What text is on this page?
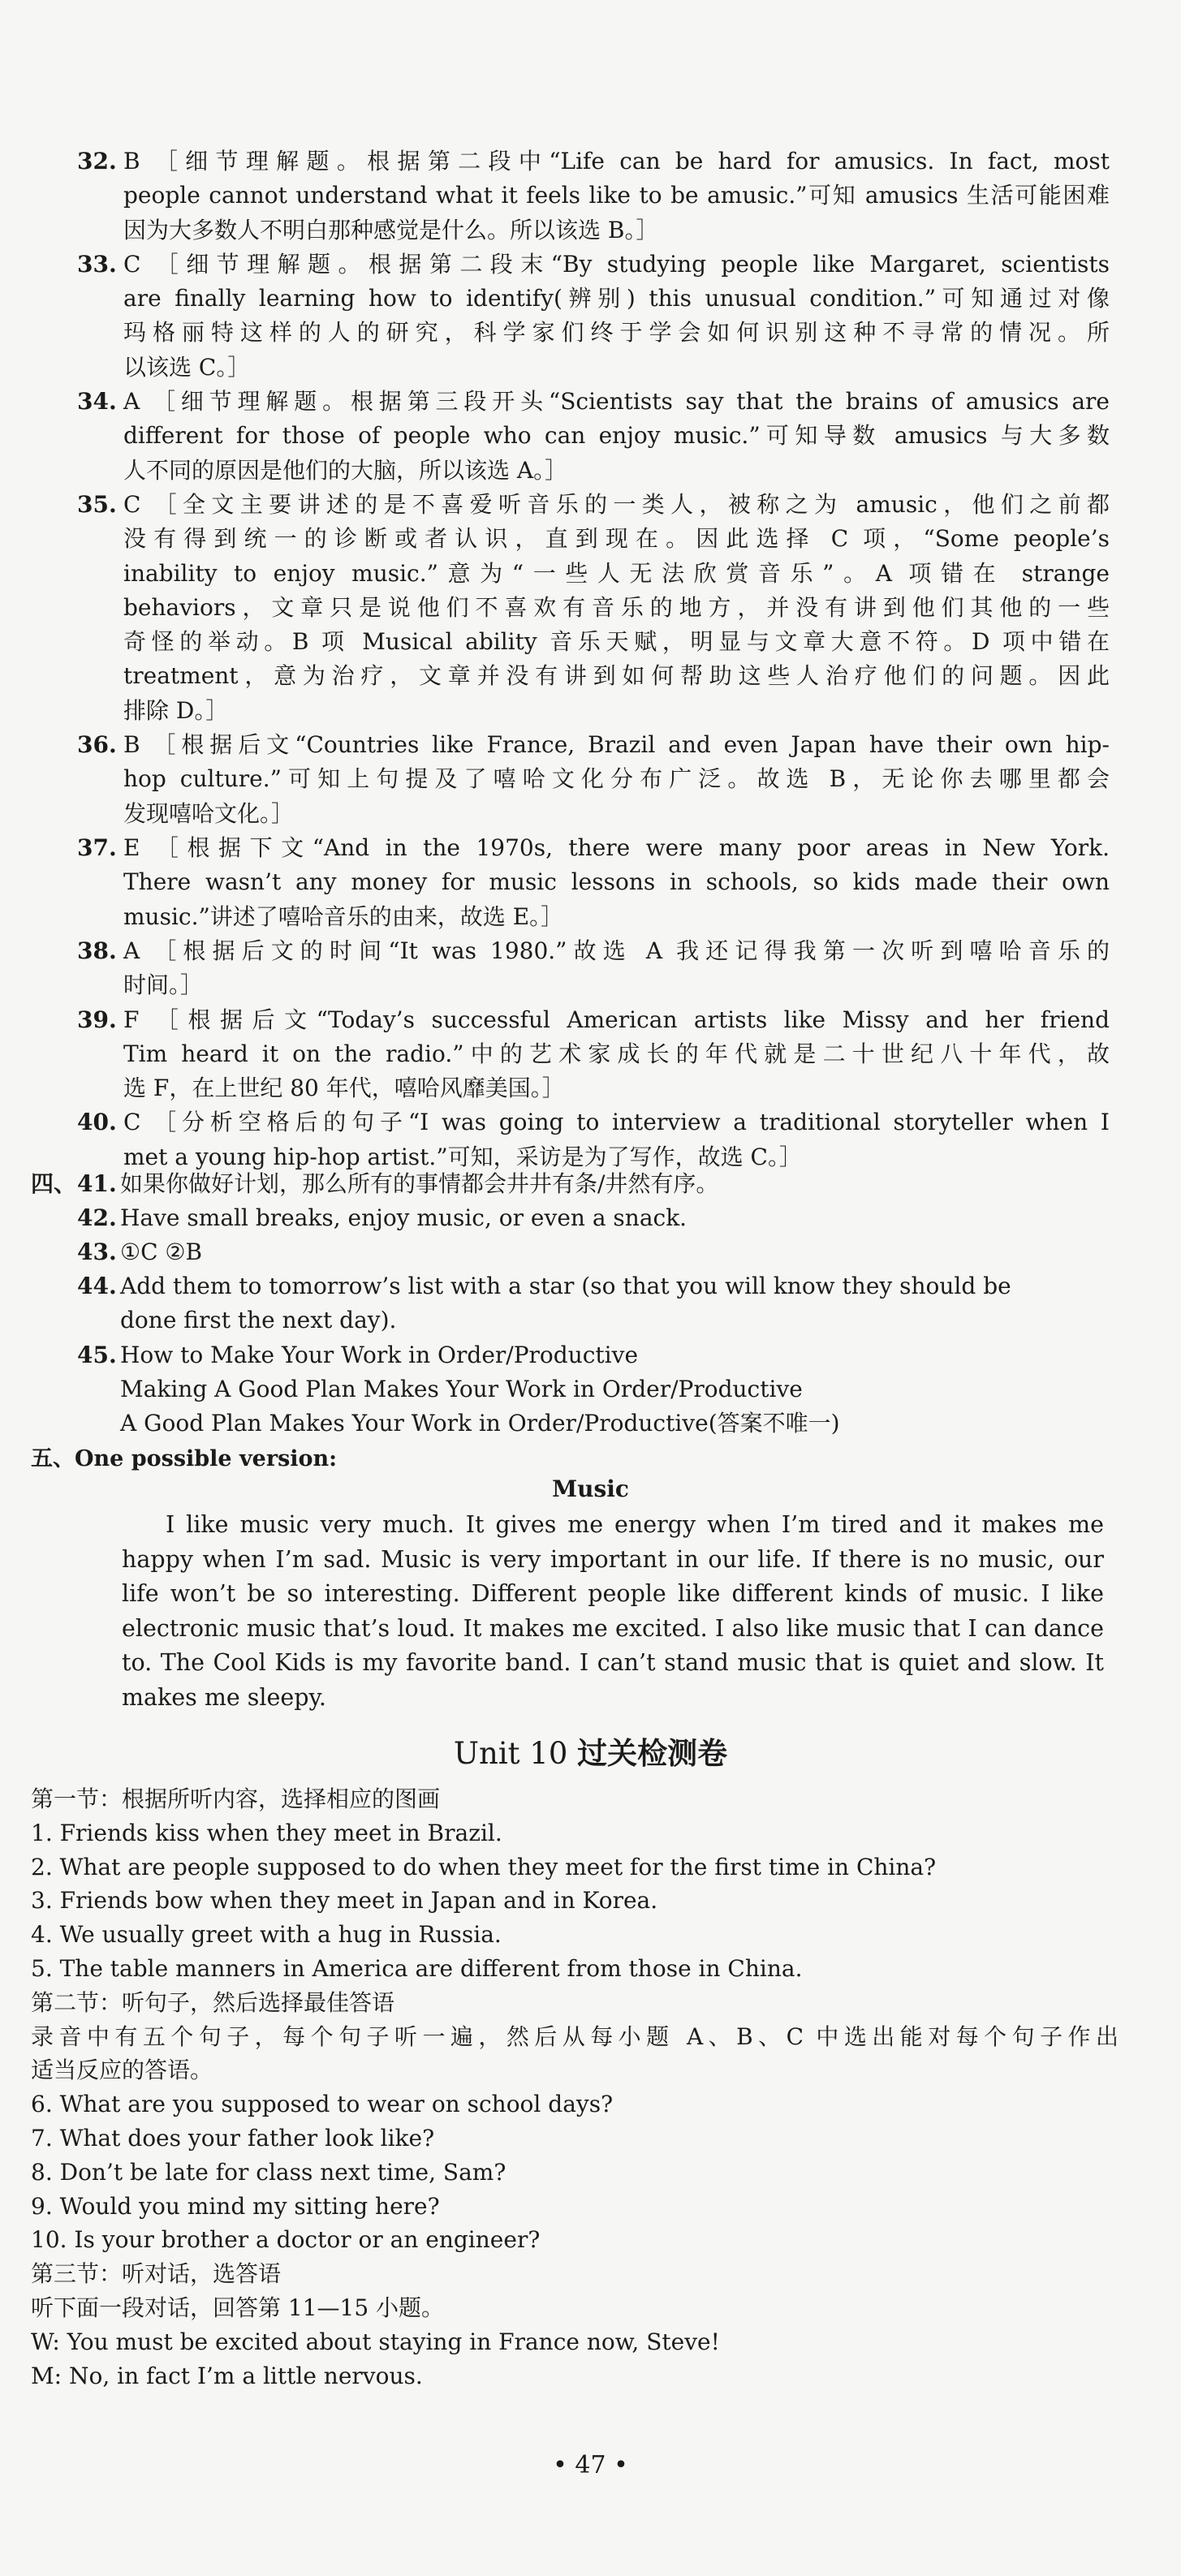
32. B ［细节理解题。根据第二段中“Life can be hard for amusics. In fact, most
people cannot understand what it feels like to be amusic.”可知 amusics 生活可能困难
因为大多数人不明白那种感觉是什么。所以该选 B。］
33. C ［细节理解题。根据第二段末“By studying people like Margaret, scientists
are finally learning how to identify(辨别) this unusual condition.”可知通过对像
玛格丽特这样的人的研究，科学家们终于学会如何识别这种不寻常的情况。所
以该选 C。］
34. A ［细节理解题。根据第三段开头“Scientists say that the brains of amusics are
different for those of people who can enjoy music.”可知导数 amusics 与大多数
人不同的原因是他们的大脑，所以该选 A。］
35. C ［全文主要讲述的是不喜爱听音乐的一类人，被称之为 amusic，他们之前都
没有得到统一的诊断或者认识，直到现在。因此选择 C 项，“Some people’s
inability to enjoy music.”意为“一些人无法欣赏音乐”。A 项错在 strange
behaviors，文章只是说他们不喜欢有音乐的地方，并没有讲到他们其他的一些
奇怪的举动。B 项 Musical ability 音乐天赋，明显与文章大意不符。D 项中错在
treatment，意为治疗，文章并没有讲到如何帮助这些人治疗他们的问题。因此
排除 D。］
36. B ［根据后文“Countries like France, Brazil and even Japan have their own hip-
hop culture.”可知上句提及了嘻哈文化分布广泛。故选 B，无论你去哪里都会
发现嘻哈文化。］
37. E ［根据下文“And in the 1970s, there were many poor areas in New York.
There wasn’t any money for music lessons in schools, so kids made their own
music.”讲述了嘻哈音乐的由来，故选 E。］
38. A ［根据后文的时间“It was 1980.”故选 A 我还记得我第一次听到嘻哈音乐的
时间。］
39. F ［根据后文“Today’s successful American artists like Missy and her friend
Tim heard it on the radio.”中的艺术家成长的年代就是二十世纪八十年代，故
选 F，在上世纪 80 年代，嘻哈风靡美国。］
40. C ［分析空格后的句子“I was going to interview a traditional storyteller when I
met a young hip-hop artist.”可知，采访是为了写作，故选 C。］
四、 41. 如果你做好计划，那么所有的事情都会井井有条/井然有序。
42. Have small breaks, enjoy music, or even a snack.
43. ①C ②B
44. Add them to tomorrow’s list with a star (so that you will know they should be
done first the next day).
45. How to Make Your Work in Order/Productive
Making A Good Plan Makes Your Work in Order/Productive
A Good Plan Makes Your Work in Order/Productive(答案不唯一)
五、One possible version:
Music
I like music very much. It gives me energy when I’m tired and it makes me
happy when I’m sad. Music is very important in our life. If there is no music, our
life won’t be so interesting. Different people like different kinds of music. I like
electronic music that’s loud. It makes me excited. I also like music that I can dance
to. The Cool Kids is my favorite band. I can’t stand music that is quiet and slow. It
makes me sleepy.
Unit 10 过关检测卷
第一节：根据所听内容，选择相应的图画
1. Friends kiss when they meet in Brazil.
2. What are people supposed to do when they meet for the first time in China?
3. Friends bow when they meet in Japan and in Korea.
4. We usually greet with a hug in Russia.
5. The table manners in America are different from those in China.
第二节：听句子，然后选择最佳答语
录音中有五个句子，每个句子听一遍，然后从每小题 A、B、C 中选出能对每个句子作出
适当反应的答语。
6. What are you supposed to wear on school days?
7. What does your father look like?
8. Don’t be late for class next time, Sam?
9. Would you mind my sitting here?
10. Is your brother a doctor or an engineer?
第三节：听对话，选答语
听下面一段对话，回答第 11—15 小题。
W: You must be excited about staying in France now, Steve!
M: No, in fact I’m a little nervous.
• 47 •
